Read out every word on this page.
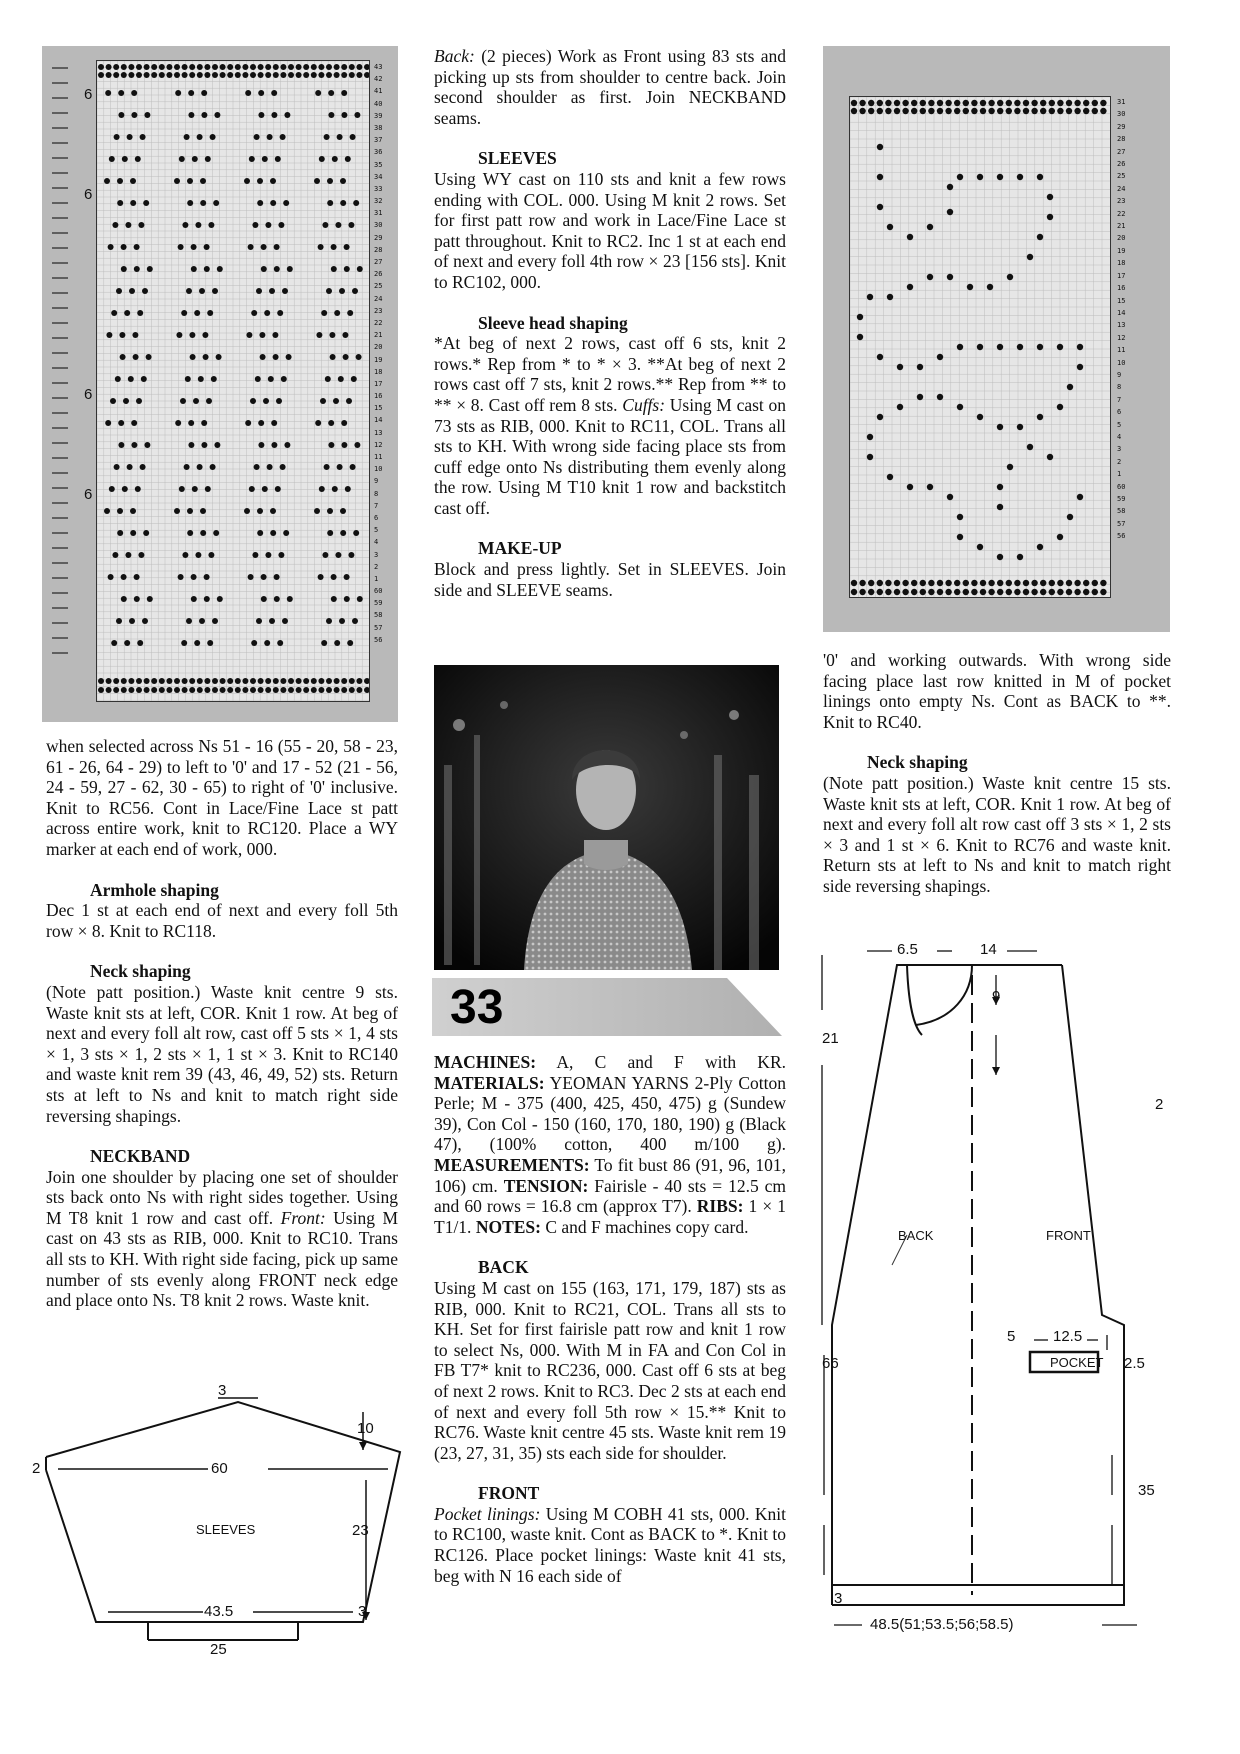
6
6
6
6
43
42
41
40
39
38
37
36
35
34
33
32
31
30
29
28
27
26
25
24
23
22
21
20
19
18
17
16
15
14
13
12
11
10
9
8
7
6
5
4
3
2
1
60
59
58
57
56
31
30
29
28
27
26
25
24
23
22
21
20
19
18
17
16
15
14
13
12
11
10
9
8
7
6
5
4
3
2
1
60
59
58
57
56

when selected across Ns 51 - 16 (55 - 20, 58 - 23, 61 - 26, 64 - 29) to left to '0' and 17 - 52 (21 - 56, 24 - 59, 27 - 62, 30 - 65) to right of '0' inclusive. Knit to RC56. Cont in Lace/Fine Lace st patt across entire work, knit to RC120. Place a WY marker at each end of work, 000.

Armhole shaping

Dec 1 st at each end of next and every foll 5th row × 8. Knit to RC118.

Neck shaping

(Note patt position.) Waste knit centre 9 sts. Waste knit sts at left, COR. Knit 1 row. At beg of next and every foll alt row, cast off 5 sts × 1, 4 sts × 1, 3 sts × 1, 2 sts × 1, 1 st × 3. Knit to RC140 and waste knit rem 39 (43, 46, 49, 52) sts. Return sts at left to Ns and knit to match right side reversing shapings.

NECKBAND

Join one shoulder by placing one set of shoulder sts back onto Ns with right sides together. Using M T8 knit 1 row and cast off. Front: Using M cast on 43 sts as RIB, 000. Knit to RC10. Trans all sts to KH. With right side facing, pick up same number of sts evenly along FRONT neck edge and place onto Ns. T8 knit 2 rows. Waste knit.

3
10
60
2
SLEEVES	23
43.5	3
25

Back: (2 pieces) Work as Front using 83 sts and picking up sts from shoulder to centre back. Join second shoulder as first. Join NECKBAND seams.

SLEEVES

Using WY cast on 110 sts and knit a few rows ending with COL. 000. Using M knit 2 rows. Set for first patt row and work in Lace/Fine Lace st patt throughout. Knit to RC2. Inc 1 st at each end of next and every foll 4th row × 23 [156 sts]. Knit to RC102, 000.

Sleeve head shaping

*At beg of next 2 rows, cast off 6 sts, knit 2 rows.* Rep from * to * × 3. **At beg of next 2 rows cast off 7 sts, knit 2 rows.** Rep from ** to ** × 8. Cast off rem 8 sts. Cuffs: Using M cast on 73 sts as RIB, 000. Knit to RC11, COL. Trans all sts to KH. With wrong side facing place sts from cuff edge onto Ns distributing them evenly along the row. Using M T10 knit 1 row and backstitch cast off.

MAKE-UP

Block and press lightly. Set in SLEEVES. Join side and SLEEVE seams.

33

MACHINES: A, C and F with KR. MATERIALS: YEOMAN YARNS 2-Ply Cotton Perle; M - 375 (400, 425, 450, 475) g (Sundew 39), Con Col - 150 (160, 170, 180, 190) g (Black 47), (100% cotton, 400 m/100 g). MEASUREMENTS: To fit bust 86 (91, 96, 101, 106) cm. TENSION: Fairisle - 40 sts = 12.5 cm and 60 rows = 16.8 cm (approx T7). RIBS: 1 × 1 T1/1. NOTES: C and F machines copy card.

BACK

Using M cast on 155 (163, 171, 179, 187) sts as RIB, 000. Knit to RC21, COL. Trans all sts to KH. Set for first fairisle patt row and knit 1 row to select Ns, 000. With M in FA and Con Col in FB T7* knit to RC236, 000. Cast off 6 sts at beg of next 2 rows. Knit to RC3. Dec 2 sts at each end of next and every foll 5th row × 15.** Knit to RC76. Waste knit centre 45 sts. Waste knit rem 19 (23, 27, 31, 35) sts each side for shoulder.

FRONT

Pocket linings: Using M COBH 41 sts, 000. Knit to RC100, waste knit. Cont as BACK to *. Knit to RC126. Place pocket linings: Waste knit 41 sts, beg with N 16 each side of

'0' and working outwards. With wrong side facing place last row knitted in M of pocket linings onto empty Ns. Cont as BACK to **. Knit to RC40.

Neck shaping

(Note patt position.) Waste knit centre 15 sts. Waste knit sts at left, COR. Knit 1 row. At beg of next and every foll alt row cast off 3 sts × 1, 2 sts × 3 and 1 st × 6. Knit to RC76 and waste knit. Return sts at left to Ns and knit to match right side reversing shapings.

6.5	14
9
21
2
BACK	FRONT
5	12.5
POCKET 2.5
66
35
3
48.5(51;53.5;56;58.5)
